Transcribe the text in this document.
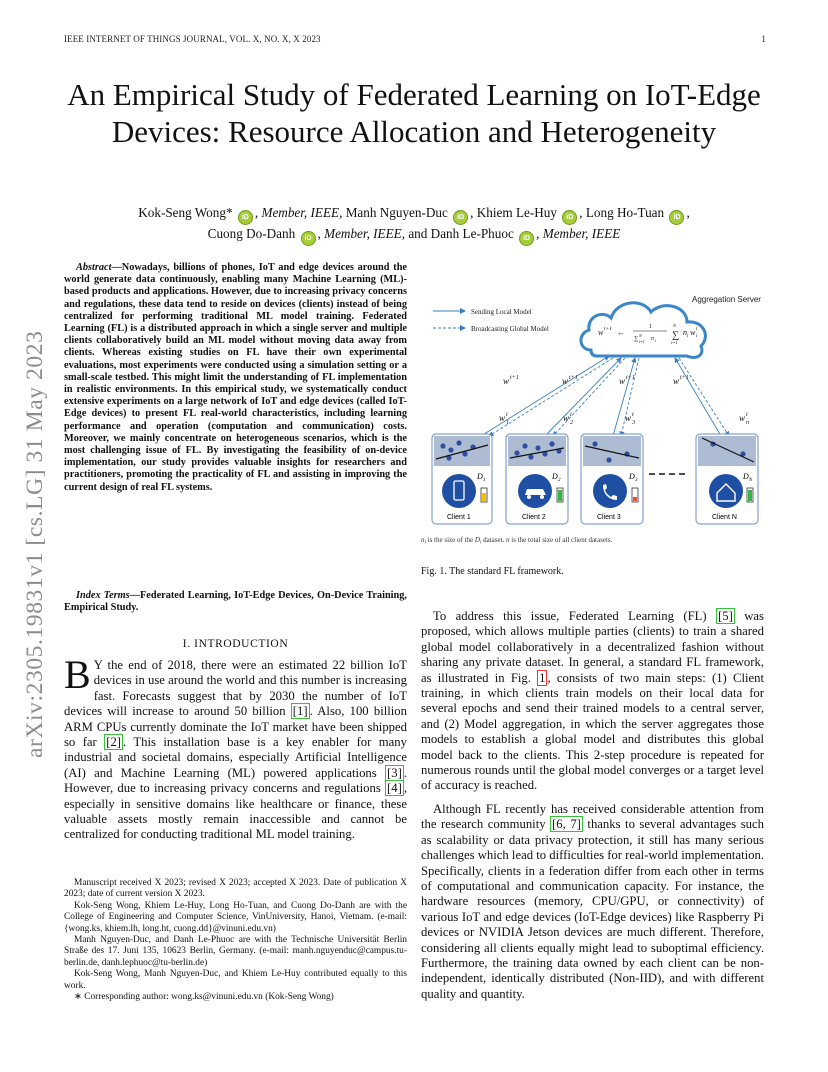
IEEE INTERNET OF THINGS JOURNAL, VOL. X, NO. X, X 2023	1
arXiv:2305.19831v1 [cs.LG] 31 May 2023
An Empirical Study of Federated Learning on IoT-Edge Devices: Resource Allocation and Heterogeneity
Kok-Seng Wong* iD , Member, IEEE, Manh Nguyen-Duc iD , Khiem Le-Huy iD , Long Ho-Tuan iD ,
Cuong Do-Danh iD , Member, IEEE, and Danh Le-Phuoc iD , Member, IEEE
Abstract—Nowadays, billions of phones, IoT and edge devices around the world generate data continuously, enabling many Machine Learning (ML)-based products and applications. However, due to increasing privacy concerns and regulations, these data tend to reside on devices (clients) instead of being centralized for performing traditional ML model training. Federated Learning (FL) is a distributed approach in which a single server and multiple clients collaboratively build an ML model without moving data away from clients. Whereas existing studies on FL have their own experimental evaluations, most experiments were conducted using a simulation setting or a small-scale testbed. This might limit the understanding of FL implementation in realistic environments. In this empirical study, we systematically conduct extensive experiments on a large network of IoT and edge devices (called IoT-Edge devices) to present FL real-world characteristics, including learning performance and operation (computation and communication) costs. Moreover, we mainly concentrate on heterogeneous scenarios, which is the most challenging issue of FL. By investigating the feasibility of on-device implementation, our study provides valuable insights for researchers and practitioners, promoting the practicality of FL and assisting in improving the current design of real FL systems.
Index Terms—Federated Learning, IoT-Edge Devices, On-Device Training, Empirical Study.
I. INTRODUCTION
B Y the end of 2018, there were an estimated 22 billion IoT devices in use around the world and this number is increasing fast. Forecasts suggest that by 2030 the number of IoT devices will increase to around 50 billion [1] . Also, 100 billion ARM CPUs currently dominate the IoT market have been shipped so far [2] . This installation base is a key enabler for many industrial and societal domains, especially Artificial Intelligence (AI) and Machine Learning (ML) powered applications [3] . However, due to increasing privacy concerns and regulations [4] , especially in sensitive domains like healthcare or finance, these valuable assets mostly remain inaccessible and cannot be centralized for conducting traditional ML model training.

Manuscript received X 2023; revised X 2023; accepted X 2023. Date of publication X 2023; date of current version X 2023.

Kok-Seng Wong, Khiem Le-Huy, Long Ho-Tuan, and Cuong Do-Danh are with the College of Engineering and Computer Science, VinUniversity, Hanoi, Vietnam. (e-mail:{wong.ks, khiem.lh, long.ht, cuong.dd}@vinuni.edu.vn)

Manh Nguyen-Duc, and Danh Le-Phuoc are with the Technische Universität Berlin Straße des 17. Juni 135, 10623 Berlin, Germany. (e-mail: manh.nguyenduc@campus.tu-berlin.de, danh.lephuoc@tu-berlin.de)

Kok-Seng Wong, Manh Nguyen-Duc, and Khiem Le-Huy contributed equally to this work.

∗ Corresponding author: wong.ks@vinuni.edu.vn (Kok-Seng Wong)

Sending Local Model
Broadcasting Global Model
Aggregation Server
w t+1 ←
1
∑
N
i=1 n i ∑
N
i=1
n i w t
i
w t+1	w t+1	w t+1	w t+1
w t
1	w t
2	w t
3	w t
n
D 1
Client 1
D 2
Client 2
D 3
Client 3
D N
Client N
$n_i$ is the size of the $D_i$ dataset. n is the total size of all client datasets.
Fig. 1. The standard FL framework.
To address this issue, Federated Learning (FL) [5] was proposed, which allows multiple parties (clients) to train a shared global model collaboratively in a decentralized fashion without sharing any private dataset. In general, a standard FL framework, as illustrated in Fig. 1 , consists of two main steps: (1) Client training, in which clients train models on their local data for several epochs and send their trained models to a central server, and (2) Model aggregation, in which the server aggregates those models to establish a global model and distributes this global model back to the clients. This 2-step procedure is repeated for numerous rounds until the global model converges or a target level of accuracy is reached.
Although FL recently has received considerable attention from the research community [6, 7] thanks to several advantages such as scalability or data privacy protection, it still has many serious challenges which lead to difficulties for real-world implementation. Specifically, clients in a federation differ from each other in terms of computational and communication capacity. For instance, the hardware resources (memory, CPU/GPU, or connectivity) of various IoT and edge devices (IoT-Edge devices) like Raspberry Pi devices or NVIDIA Jetson devices are much different. Therefore, considering all clients equally might lead to suboptimal efficiency. Furthermore, the training data owned by each client can be non-independent, identically distributed (Non-IID), and with different quality and quantity.
